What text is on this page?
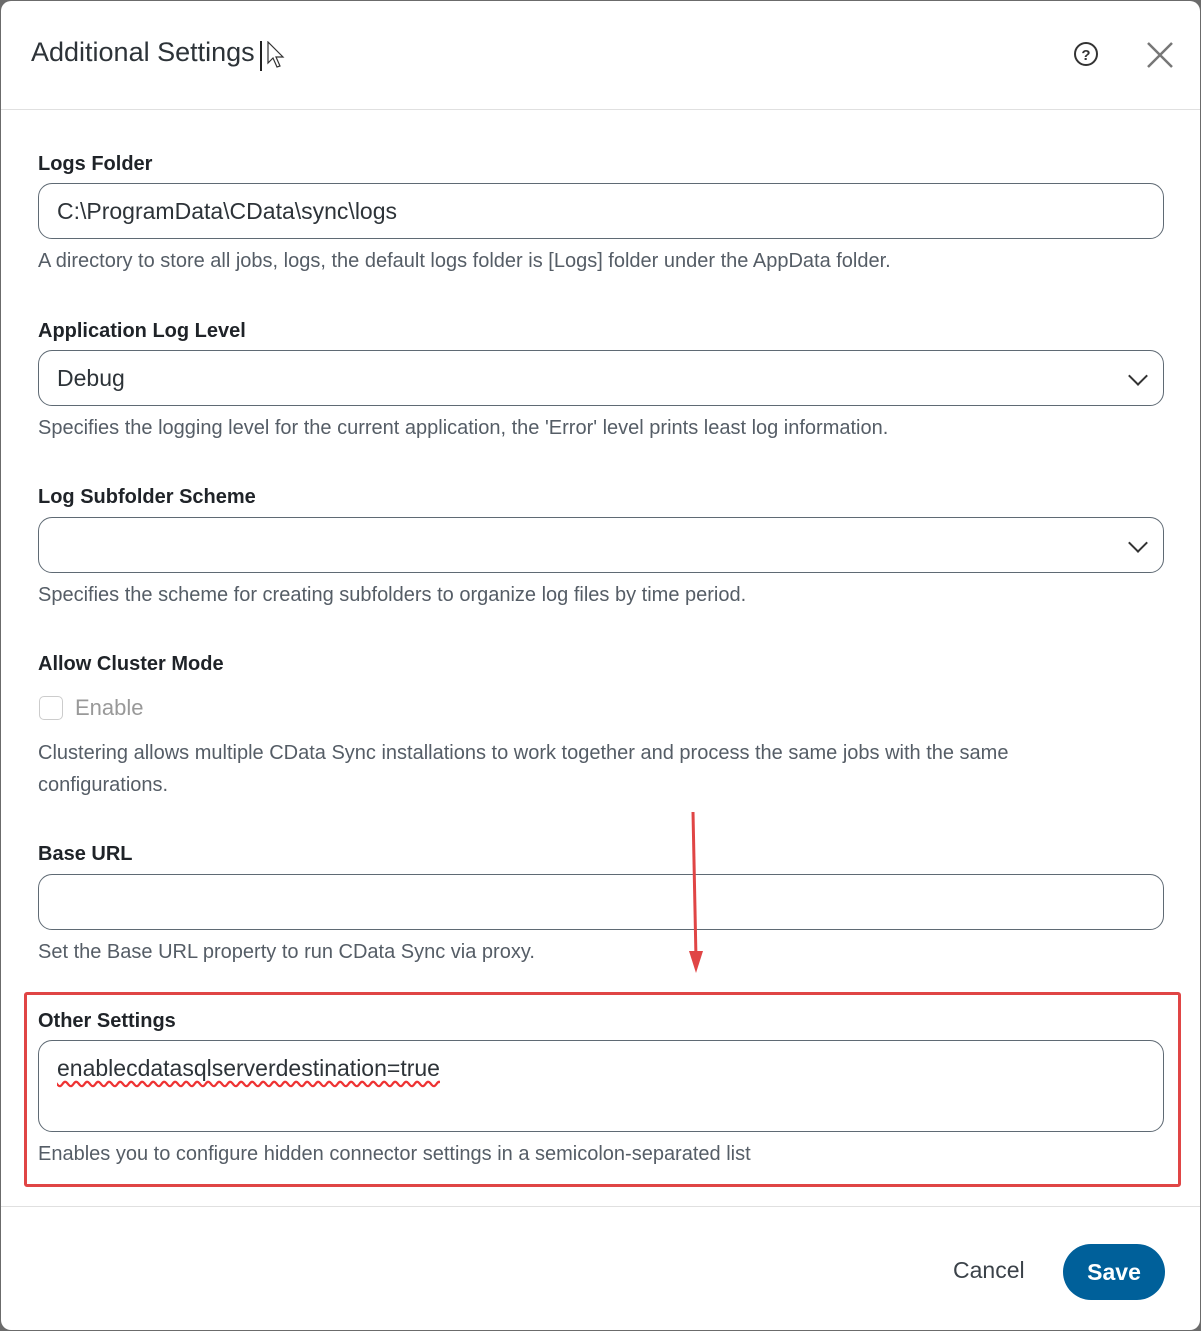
Additional Settings	?
Logs Folder
C:\ProgramData\CData\sync\logs
A directory to store all jobs, logs, the default logs folder is [Logs] folder under the AppData folder.
Application Log Level
Debug
Specifies the logging level for the current application, the 'Error' level prints least log information.
Log Subfolder Scheme
Specifies the scheme for creating subfolders to organize log files by time period.
Allow Cluster Mode
Enable
Clustering allows multiple CData Sync installations to work together and process the same jobs with the same configurations.
Base URL
Set the Base URL property to run CData Sync via proxy.
Other Settings
enablecdatasqlserverdestination=true
Enables you to configure hidden connector settings in a semicolon-separated list
Cancel	Save
